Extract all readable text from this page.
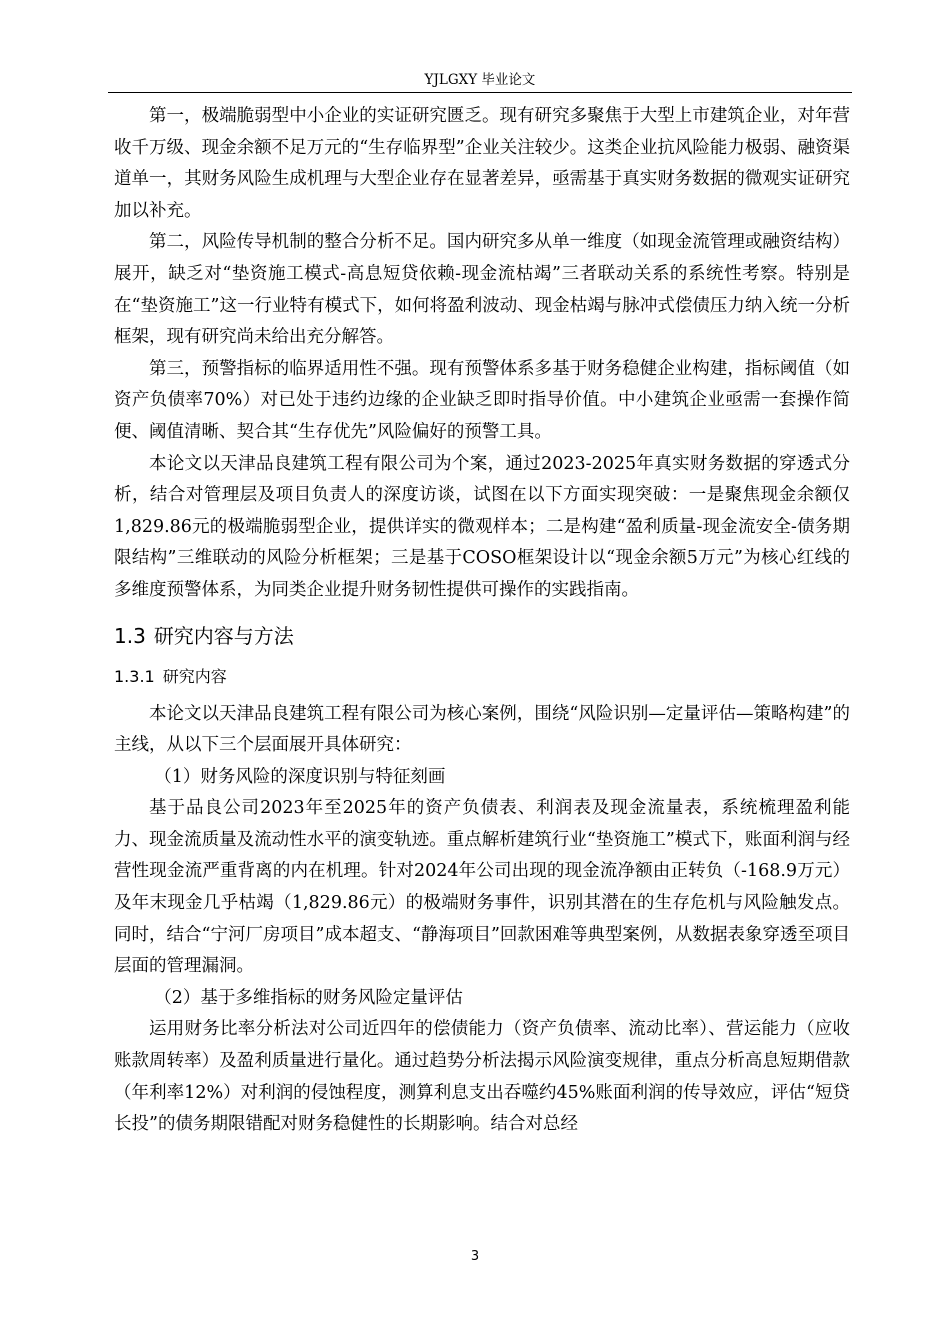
YJLGXY 毕业论文

第一，极端脆弱型中小企业的实证研究匮乏。现有研究多聚焦于大型上市建筑企业，对年营收千万级、现金余额不足万元的“生存临界型”企业关注较少。这类企业抗风险能力极弱、融资渠道单一，其财务风险生成机理与大型企业存在显著差异，亟需基于真实财务数据的微观实证研究加以补充。

第二，风险传导机制的整合分析不足。国内研究多从单一维度（如现金流管理或融资结构）展开，缺乏对“垫资施工模式-高息短贷依赖-现金流枯竭”三者联动关系的系统性考察。特别是在“垫资施工”这一行业特有模式下，如何将盈利波动、现金枯竭与脉冲式偿债压力纳入统一分析框架，现有研究尚未给出充分解答。

第三，预警指标的临界适用性不强。现有预警体系多基于财务稳健企业构建，指标阈值（如资产负债率70%）对已处于违约边缘的企业缺乏即时指导价值。中小建筑企业亟需一套操作简便、阈值清晰、契合其“生存优先”风险偏好的预警工具。

本论文以天津品良建筑工程有限公司为个案，通过2023-2025年真实财务数据的穿透式分析，结合对管理层及项目负责人的深度访谈，试图在以下方面实现突破：一是聚焦现金余额仅1,829.86元的极端脆弱型企业，提供详实的微观样本；二是构建“盈利质量-现金流安全-债务期限结构”三维联动的风险分析框架；三是基于COSO框架设计以“现金余额5万元”为核心红线的多维度预警体系，为同类企业提升财务韧性提供可操作的实践指南。

1.3 研究内容与方法
1.3.1 研究内容

本论文以天津品良建筑工程有限公司为核心案例，围绕“风险识别—定量评估—策略构建”的主线，从以下三个层面展开具体研究：

（1）财务风险的深度识别与特征刻画

基于品良公司2023年至2025年的资产负债表、利润表及现金流量表，系统梳理盈利能力、现金流质量及流动性水平的演变轨迹。重点解析建筑行业“垫资施工”模式下，账面利润与经营性现金流严重背离的内在机理。针对2024年公司出现的现金流净额由正转负（-168.9万元）及年末现金几乎枯竭（1,829.86元）的极端财务事件，识别其潜在的生存危机与风险触发点。同时，结合“宁河厂房项目”成本超支、“静海项目”回款困难等典型案例，从数据表象穿透至项目层面的管理漏洞。

（2）基于多维指标的财务风险定量评估

运用财务比率分析法对公司近四年的偿债能力（资产负债率、流动比率）、营运能力（应收账款周转率）及盈利质量进行量化。通过趋势分析法揭示风险演变规律，重点分析高息短期借款（年利率12%）对利润的侵蚀程度，测算利息支出吞噬约45%账面利润的传导效应，评估“短贷长投”的债务期限错配对财务稳健性的长期影响。结合对总经

3
